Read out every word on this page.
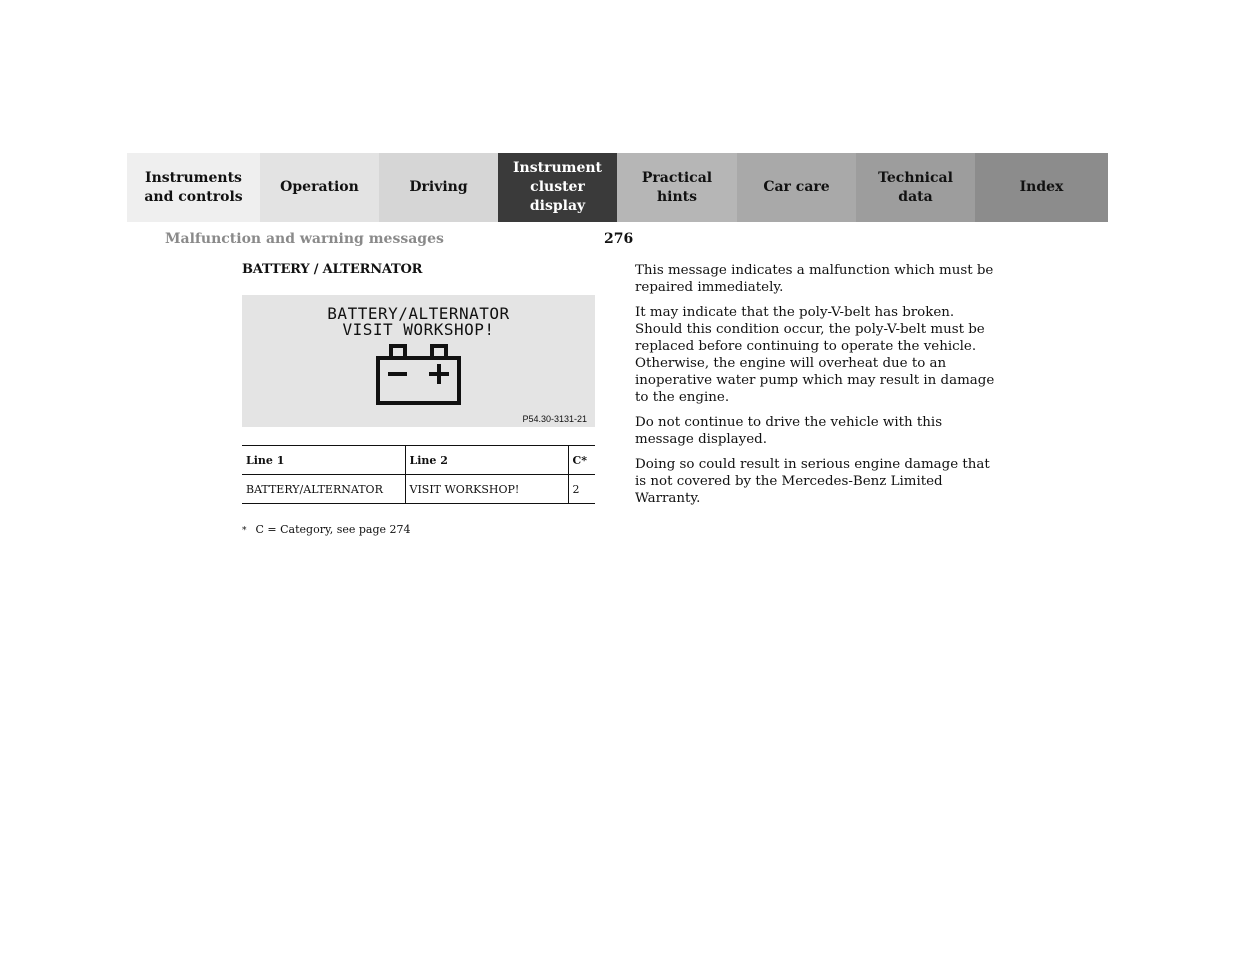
Instruments
and controls
Operation	Driving
Instrument
cluster display
Practical hints
Car care
Technical
data
Index
Malfunction and warning messages	276
BATTERY / ALTERNATOR
BATTERY/ALTERNATOR
VISIT WORKSHOP!
P54.30-3131-21
Line 1	Line 2	C*
BATTERY/ALTERNATOR	VISIT WORKSHOP!	2
* C = Category, see page 274

This message indicates a malfunction which must be repaired immediately.

It may indicate that the poly-V-belt has broken. Should this condition occur, the poly-V-belt must be replaced before continuing to operate the vehicle. Otherwise, the engine will overheat due to an inoperative water pump which may result in damage to the engine.

Do not continue to drive the vehicle with this message displayed.

Doing so could result in serious engine damage that is not covered by the Mercedes-Benz Limited Warranty.
